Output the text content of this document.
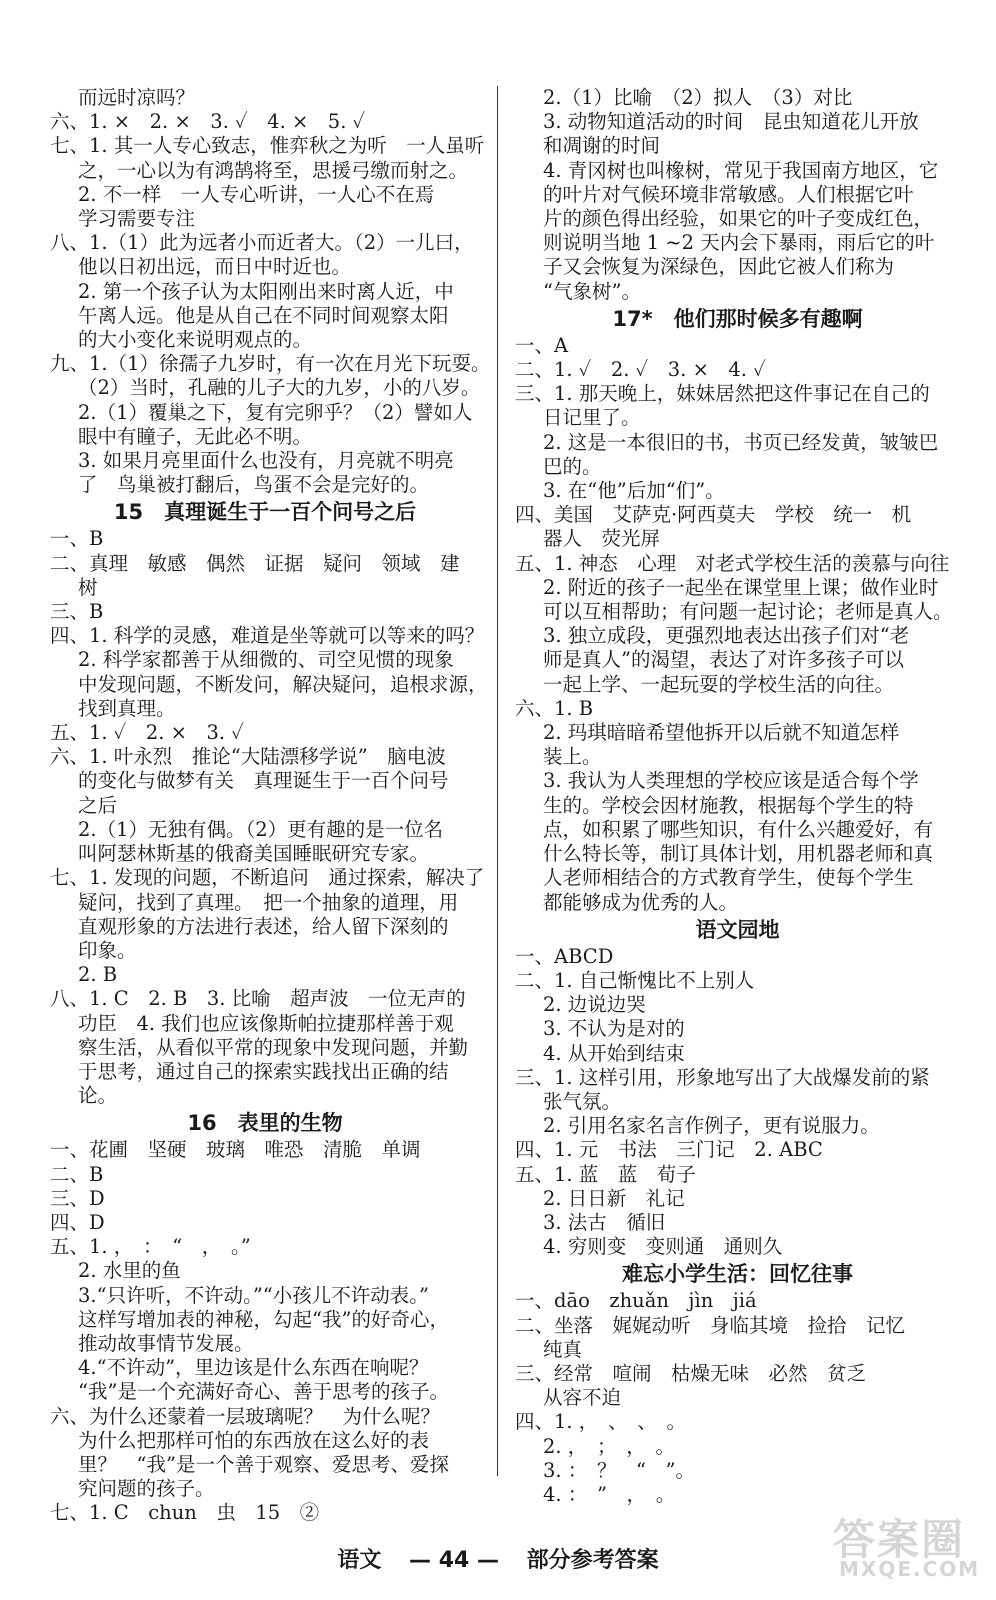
而远时凉吗？
六、1. ×　2. ×　3. ✓　4. ×　5. ✓
七、1. 其一人专心致志，惟弈秋之为听　一人虽听
之，一心以为有鸿鹄将至，思援弓缴而射之。
2. 不一样　一人专心听讲，一人心不在焉
学习需要专注
八、1.（1）此为远者小而近者大。（2）一儿曰，
他以日初出远，而日中时近也。
2. 第一个孩子认为太阳刚出来时离人近，中
午离人远。他是从自己在不同时间观察太阳
的大小变化来说明观点的。
九、1.（1）徐孺子九岁时，有一次在月光下玩耍。
（2）当时，孔融的儿子大的九岁，小的八岁。
2.（1）覆巢之下，复有完卵乎？（2）譬如人
眼中有瞳子，无此必不明。
3. 如果月亮里面什么也没有，月亮就不明亮
了　鸟巢被打翻后，鸟蛋不会是完好的。
15　真理诞生于一百个问号之后
一、B
二、真理　敏感　偶然　证据　疑问　领域　建
树
三、B
四、1. 科学的灵感，难道是坐等就可以等来的吗？
2. 科学家都善于从细微的、司空见惯的现象
中发现问题，不断发问，解决疑问，追根求源，
找到真理。
五、1. ✓　2. ×　3. ✓
六、1. 叶永烈　推论“大陆漂移学说”　脑电波
的变化与做梦有关　真理诞生于一百个问号
之后
2.（1）无独有偶。（2）更有趣的是一位名
叫阿瑟林斯基的俄裔美国睡眠研究专家。
七、1. 发现的问题，不断追问　通过探索，解决了
疑问，找到了真理。　把一个抽象的道理，用
直观形象的方法进行表述，给人留下深刻的
印象。
2. B
八、1. C　2. B　3. 比喻　超声波　一位无声的
功臣　4. 我们也应该像斯帕拉捷那样善于观
察生活，从看似平常的现象中发现问题，并勤
于思考，通过自己的探索实践找出正确的结
论。
16　表里的生物
一、花圃　坚硬　玻璃　唯恐　清脆　单调
二、B
三、D
四、D
五、1. ，　：　“　，　。”
2. 水里的鱼
3.“只许听，不许动。”“小孩儿不许动表。”
这样写增加表的神秘，勾起“我”的好奇心，
推动故事情节发展。
4.“不许动”，里边该是什么东西在响呢？
“我”是一个充满好奇心、善于思考的孩子。
六、为什么还蒙着一层玻璃呢？　为什么呢？
为什么把那样可怕的东西放在这么好的表
里？　“我”是一个善于观察、爱思考、爱探
究问题的孩子。
七、1. C　chun　虫　15　②
2.（1）比喻　（2）拟人　（3）对比
3. 动物知道活动的时间　昆虫知道花儿开放
和凋谢的时间
4. 青冈树也叫橡树，常见于我国南方地区，它
的叶片对气候环境非常敏感。人们根据它叶
片的颜色得出经验，如果它的叶子变成红色，
则说明当地 1 ~2 天内会下暴雨，雨后它的叶
子又会恢复为深绿色，因此它被人们称为
“气象树”。
17*　他们那时候多有趣啊
一、A
二、1. ✓　2. ✓　3. ×　4. ✓
三、1. 那天晚上，妹妹居然把这件事记在自己的
日记里了。
2. 这是一本很旧的书，书页已经发黄，皱皱巴
巴的。
3. 在“他”后加“们”。
四、美国　艾萨克·阿西莫夫　学校　统一　机
器人　荧光屏
五、1. 神态　心理　对老式学校生活的羡慕与向往
2. 附近的孩子一起坐在课堂里上课；做作业时
可以互相帮助；有问题一起讨论；老师是真人。
3. 独立成段，更强烈地表达出孩子们对“老
师是真人”的渴望，表达了对许多孩子可以
一起上学、一起玩耍的学校生活的向往。
六、1. B
2. 玛琪暗暗希望他拆开以后就不知道怎样
装上。
3. 我认为人类理想的学校应该是适合每个学
生的。学校会因材施教，根据每个学生的特
点，如积累了哪些知识，有什么兴趣爱好，有
什么特长等，制订具体计划，用机器老师和真
人老师相结合的方式教育学生，使每个学生
都能够成为优秀的人。
语文园地
一、ABCD
二、1. 自己惭愧比不上别人
2. 边说边哭
3. 不认为是对的
4. 从开始到结束
三、1. 这样引用，形象地写出了大战爆发前的紧
张气氛。
2. 引用名家名言作例子，更有说服力。
四、1. 元　书法　三门记　2. ABC
五、1. 蓝　蓝　荀子
2. 日日新　礼记
3. 法古　循旧
4. 穷则变　变则通　通则久
难忘小学生活：回忆往事
一、dāo　zhuǎn　jìn　jiá
二、坐落　娓娓动听　身临其境　捡拾　记忆
纯真
三、经常　喧闹　枯燥无味　必然　贫乏
从容不迫
四、1. ，　、　、　。
2. ，　；　，　。
3. ：　？　“　”。
4. ：　”　，　。
语文 — 44 — 部分参考答案	答案圈
MXQE.COM
